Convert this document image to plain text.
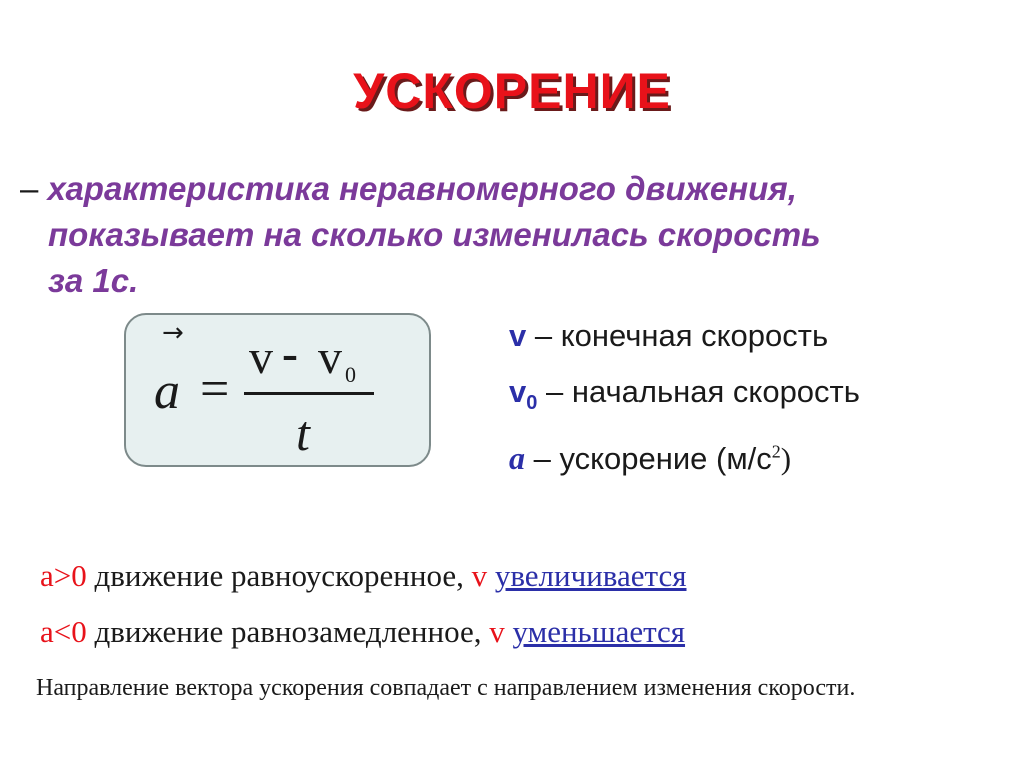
УСКОРЕНИЕ
– характеристика неравномерного движения,
показывает на сколько изменилась скорость
за 1с.
→
a =
v - v 0
t
v – конечная скорость
$v_0$ – начальная скорость
a – ускорение $(м/с^2)$
a>0 движение равноускоренное, v увеличивается
a<0 движение равнозамедленное, v уменьшается
Направление вектора ускорения совпадает с направлением изменения скорости.
